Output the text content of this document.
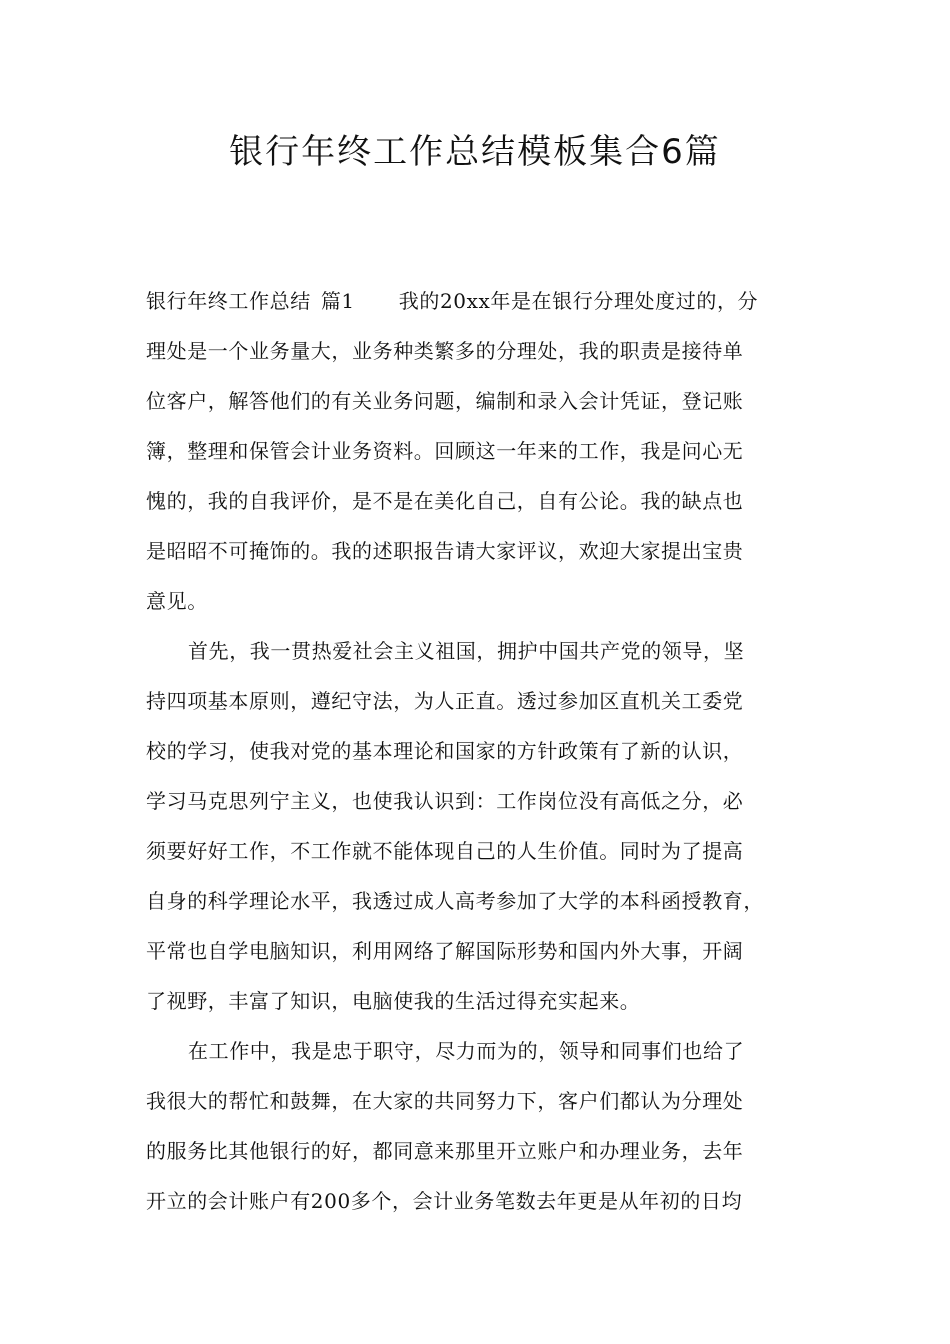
银行年终工作总结模板集合6篇
银行年终工作总结 篇1 我的20xx年是在银行分理处度过的，分
理处是一个业务量大，业务种类繁多的分理处，我的职责是接待单
位客户，解答他们的有关业务问题，编制和录入会计凭证，登记账
簿，整理和保管会计业务资料。回顾这一年来的工作，我是问心无
愧的，我的自我评价，是不是在美化自己，自有公论。我的缺点也
是昭昭不可掩饰的。我的述职报告请大家评议，欢迎大家提出宝贵
意见。
首先，我一贯热爱社会主义祖国，拥护中国共产党的领导，坚
持四项基本原则，遵纪守法，为人正直。透过参加区直机关工委党
校的学习，使我对党的基本理论和国家的方针政策有了新的认识，
学习马克思列宁主义，也使我认识到：工作岗位没有高低之分，必
须要好好工作，不工作就不能体现自己的人生价值。同时为了提高
自身的科学理论水平，我透过成人高考参加了大学的本科函授教育，
平常也自学电脑知识，利用网络了解国际形势和国内外大事，开阔
了视野，丰富了知识，电脑使我的生活过得充实起来。
在工作中，我是忠于职守，尽力而为的，领导和同事们也给了
我很大的帮忙和鼓舞，在大家的共同努力下，客户们都认为分理处
的服务比其他银行的好，都同意来那里开立账户和办理业务，去年
开立的会计账户有200多个，会计业务笔数去年更是从年初的日均
